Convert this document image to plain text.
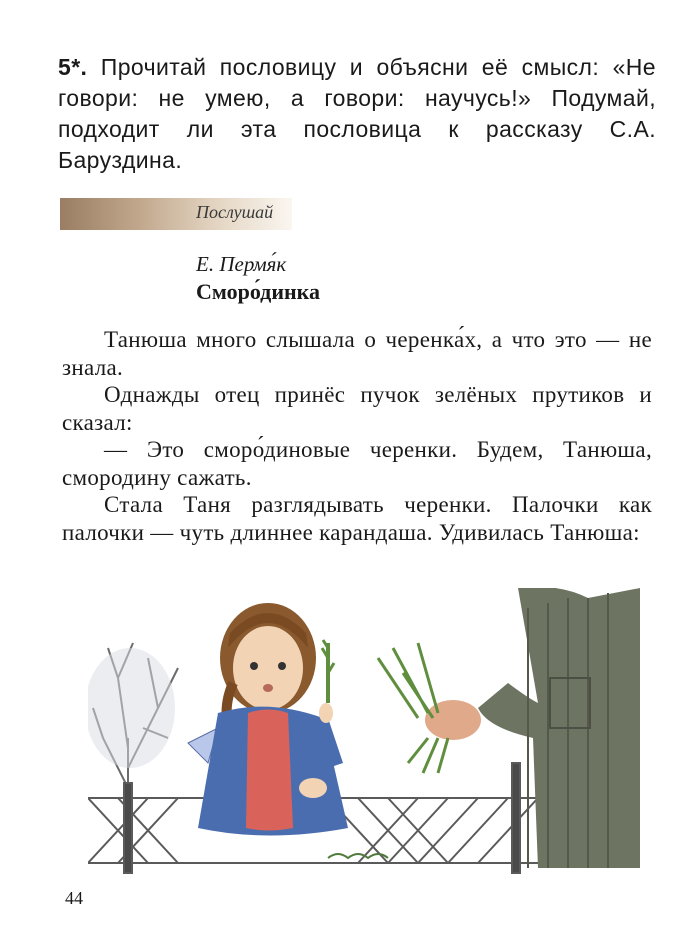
5*. Прочитай пословицу и объясни её смысл: «Не говори: не умею, а говори: научусь!» Подумай, подходит ли эта пословица к рассказу С.А. Баруздина.
Послушай
Е. Пермя́к
Сморо́динка

Танюша много слышала о черенка́х, а что это — не знала.

Однажды отец принёс пучок зелёных прутиков и сказал:

— Это сморо́диновые черенки. Будем, Танюша, смородину сажать.

Стала Таня разглядывать черенки. Палочки как палочки — чуть длиннее карандаша. Удивилась Танюша:

44
